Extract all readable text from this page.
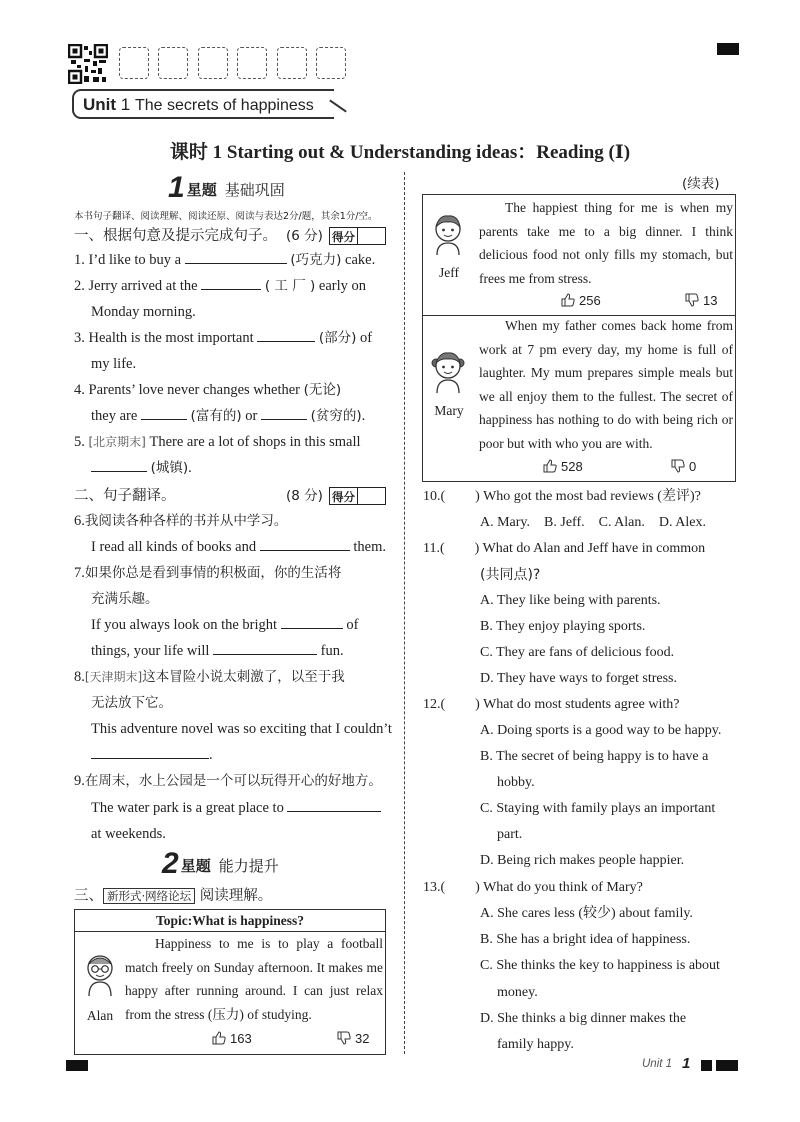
Unit 1 The secrets of happiness
课时 1 Starting out & Understanding ideas：Reading (Ⅰ)
1 星题 基础巩固
本书句子翻译、阅读理解、阅读还原、阅读与表达2分/题，其余1分/空。
一、根据句意及提示完成句子。 (6 分) 得分
1. I’d like to buy a	(巧克力) cake.
2. Jerry arrived at the	( 工 厂 ) early on
Monday morning.
3. Health is the most important	(部分) of
my life.
4. Parents’ love never changes whether (无论)
they are	(富有的) or	(贫穷的).
5. [北京期末] There are a lot of shops in this small
(城镇).
二、句子翻译。	(8 分) 得分
6.我阅读各种各样的书并从中学习。
I read all kinds of books and	them.
7.如果你总是看到事情的积极面，你的生活将
充满乐趣。
If you always look on the bright	of
things, your life will	fun.
8.[天津期末]这本冒险小说太刺激了，以至于我
无法放下它。
This adventure novel was so exciting that I couldn’t
.
9.在周末，水上公园是一个可以玩得开心的好地方。
The water park is a great place to
at weekends.
2 星题 能力提升
三、 新形式·网络论坛 阅读理解。
Topic:What is happiness?
Alan
Happiness to me is to play a football match freely on Sunday afternoon. It makes me happy after running around. I can just relax from the stress (压力) of studying.
163	32
(续表)
Jeff
The happiest thing for me is when my parents take me to a big dinner. I think delicious food not only fills my stomach, but frees me from stress.
256	13
Mary
When my father comes back home from work at 7 pm every day, my home is full of laughter. My mum prepares simple meals but we all enjoy them to the fullest. The secret of happiness has nothing to do with being rich or poor but with who you are with.
528	0
10.( ) Who got the most bad reviews (差评)?
A. Mary. B. Jeff. C. Alan. D. Alex.
11.( ) What do Alan and Jeff have in common
(共同点)?
A. They like being with parents.
B. They enjoy playing sports.
C. They are fans of delicious food.
D. They have ways to forget stress.
12.( ) What do most students agree with?
A. Doing sports is a good way to be happy.
B. The secret of being happy is to have a
hobby.
C. Staying with family plays an important
part.
D. Being rich makes people happier.
13.( ) What do you think of Mary?
A. She cares less (较少) about family.
B. She has a bright idea of happiness.
C. She thinks the key to happiness is about
money.
D. She thinks a big dinner makes the
family happy.
Unit 1 1
